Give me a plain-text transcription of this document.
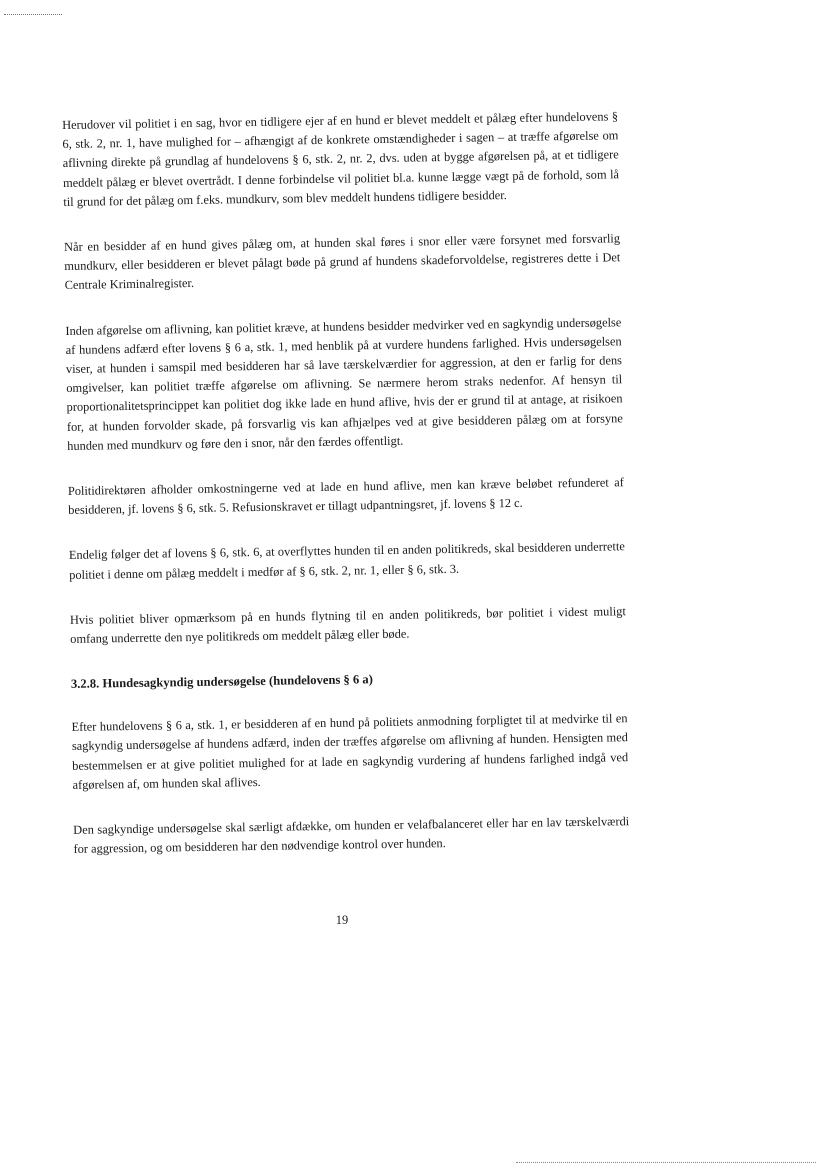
Herudover vil politiet i en sag, hvor en tidligere ejer af en hund er blevet meddelt et pålæg efter hundelovens § 6, stk. 2, nr. 1, have mulighed for – afhængigt af de konkrete omstændigheder i sagen – at træffe afgørelse om aflivning direkte på grundlag af hundelovens § 6, stk. 2, nr. 2, dvs. uden at bygge afgørelsen på, at et tidligere meddelt pålæg er blevet overtrådt. I denne forbindelse vil politiet bl.a. kunne lægge vægt på de forhold, som lå til grund for det pålæg om f.eks. mundkurv, som blev meddelt hundens tidligere besidder.

Når en besidder af en hund gives pålæg om, at hunden skal føres i snor eller være forsynet med forsvarlig mundkurv, eller besidderen er blevet pålagt bøde på grund af hundens skadeforvoldelse, registreres dette i Det Centrale Kriminalregister.

Inden afgørelse om aflivning, kan politiet kræve, at hundens besidder medvirker ved en sagkyndig undersøgelse af hundens adfærd efter lovens § 6 a, stk. 1, med henblik på at vurdere hundens farlighed. Hvis undersøgelsen viser, at hunden i samspil med besidderen har så lave tærskelværdier for aggression, at den er farlig for dens omgivelser, kan politiet træffe afgørelse om aflivning. Se nærmere herom straks nedenfor. Af hensyn til proportionalitetsprincippet kan politiet dog ikke lade en hund aflive, hvis der er grund til at antage, at risikoen for, at hunden forvolder skade, på forsvarlig vis kan afhjælpes ved at give besidderen pålæg om at forsyne hunden med mundkurv og føre den i snor, når den færdes offentligt.

Politidirektøren afholder omkostningerne ved at lade en hund aflive, men kan kræve beløbet refunderet af besidderen, jf. lovens § 6, stk. 5. Refusionskravet er tillagt udpantningsret, jf. lovens § 12 c.

Endelig følger det af lovens § 6, stk. 6, at overflyttes hunden til en anden politikreds, skal besidderen underrette politiet i denne om pålæg meddelt i medfør af § 6, stk. 2, nr. 1, eller § 6, stk. 3.

Hvis politiet bliver opmærksom på en hunds flytning til en anden politikreds, bør politiet i videst muligt omfang underrette den nye politikreds om meddelt pålæg eller bøde.

3.2.8. Hundesagkyndig undersøgelse (hundelovens § 6 a)

Efter hundelovens § 6 a, stk. 1, er besidderen af en hund på politiets anmodning forpligtet til at medvirke til en sagkyndig undersøgelse af hundens adfærd, inden der træffes afgørelse om aflivning af hunden. Hensigten med bestemmelsen er at give politiet mulighed for at lade en sagkyndig vurdering af hundens farlighed indgå ved afgørelsen af, om hunden skal aflives.

Den sagkyndige undersøgelse skal særligt afdække, om hunden er velafbalanceret eller har en lav tærskelværdi for aggression, og om besidderen har den nødvendige kontrol over hunden.

19
